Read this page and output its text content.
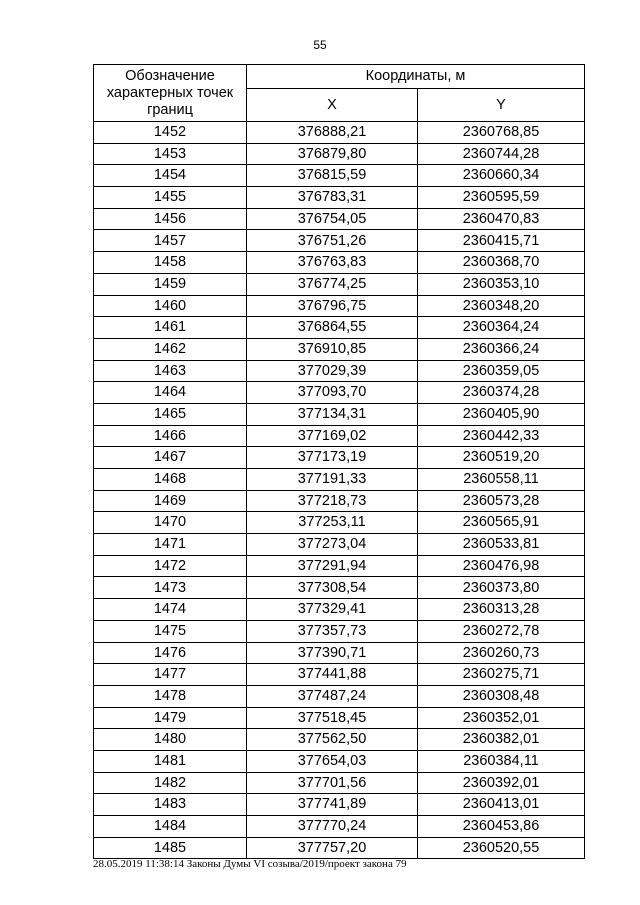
55
Обозначение характерных точек границ	Координаты, м	
	X	Y
1452	376888,21	2360768,85
1453	376879,80	2360744,28
1454	376815,59	2360660,34
1455	376783,31	2360595,59
1456	376754,05	2360470,83
1457	376751,26	2360415,71
1458	376763,83	2360368,70
1459	376774,25	2360353,10
1460	376796,75	2360348,20
1461	376864,55	2360364,24
1462	376910,85	2360366,24
1463	377029,39	2360359,05
1464	377093,70	2360374,28
1465	377134,31	2360405,90
1466	377169,02	2360442,33
1467	377173,19	2360519,20
1468	377191,33	2360558,11
1469	377218,73	2360573,28
1470	377253,11	2360565,91
1471	377273,04	2360533,81
1472	377291,94	2360476,98
1473	377308,54	2360373,80
1474	377329,41	2360313,28
1475	377357,73	2360272,78
1476	377390,71	2360260,73
1477	377441,88	2360275,71
1478	377487,24	2360308,48
1479	377518,45	2360352,01
1480	377562,50	2360382,01
1481	377654,03	2360384,11
1482	377701,56	2360392,01
1483	377741,89	2360413,01
1484	377770,24	2360453,86
1485	377757,20	2360520,55
28.05.2019 11:38:14 Законы Думы VI созыва/2019/проект закона 79
